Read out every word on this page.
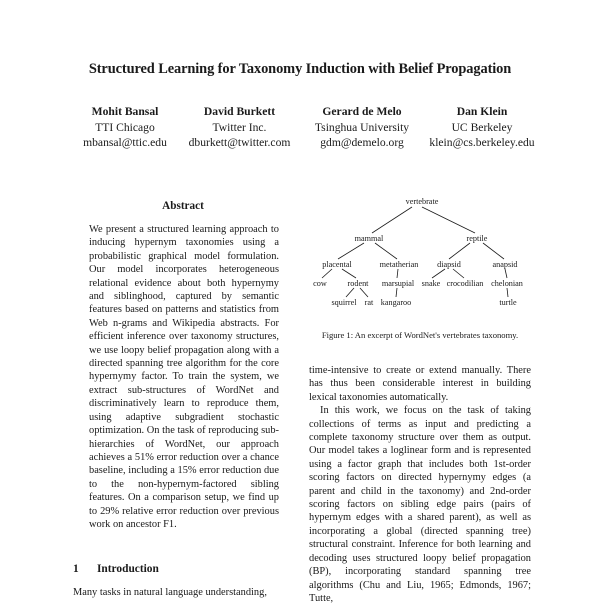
Structured Learning for Taxonomy Induction with Belief Propagation
Mohit Bansal
TTI Chicago
mbansal@ttic.edu
David Burkett
Twitter Inc.
dburkett@twitter.com
Gerard de Melo
Tsinghua University
gdm@demelo.org
Dan Klein
UC Berkeley
klein@cs.berkeley.edu
Abstract

We present a structured learning approach to inducing hypernym taxonomies using a probabilistic graphical model formulation. Our model incorporates heterogeneous relational evidence about both hypernymy and siblinghood, captured by semantic features based on patterns and statistics from Web n-grams and Wikipedia abstracts. For efficient inference over taxonomy structures, we use loopy belief propagation along with a directed spanning tree algorithm for the core hypernymy factor. To train the system, we extract sub-structures of WordNet and discriminatively learn to reproduce them, using adaptive subgradient stochastic optimization. On the task of reproducing sub-hierarchies of WordNet, our approach achieves a 51% error reduction over a chance baseline, including a 15% error reduction due to the non-hypernym-factored sibling features. On a comparison setup, we find up to 29% relative error reduction over previous work on ancestor F1.

1 Introduction

Many tasks in natural language understanding,

vertebrate
mammal	reptile
placental	metatherian diapsid	anapsid
cow	rodent marsupial snake crocodilian chelonian
squirrel rat kangaroo	turtle
Figure 1: An excerpt of WordNet's vertebrates taxonomy.

time-intensive to create or extend manually. There has thus been considerable interest in building lexical taxonomies automatically.

In this work, we focus on the task of taking collections of terms as input and predicting a complete taxonomy structure over them as output. Our model takes a loglinear form and is represented using a factor graph that includes both 1st-order scoring factors on directed hypernymy edges (a parent and child in the taxonomy) and 2nd-order scoring factors on sibling edge pairs (pairs of hypernym edges with a shared parent), as well as incorporating a global (directed spanning tree) structural constraint. Inference for both learning and decoding uses structured loopy belief propagation (BP), incorporating standard spanning tree algorithms (Chu and Liu, 1965; Edmonds, 1967; Tutte,
